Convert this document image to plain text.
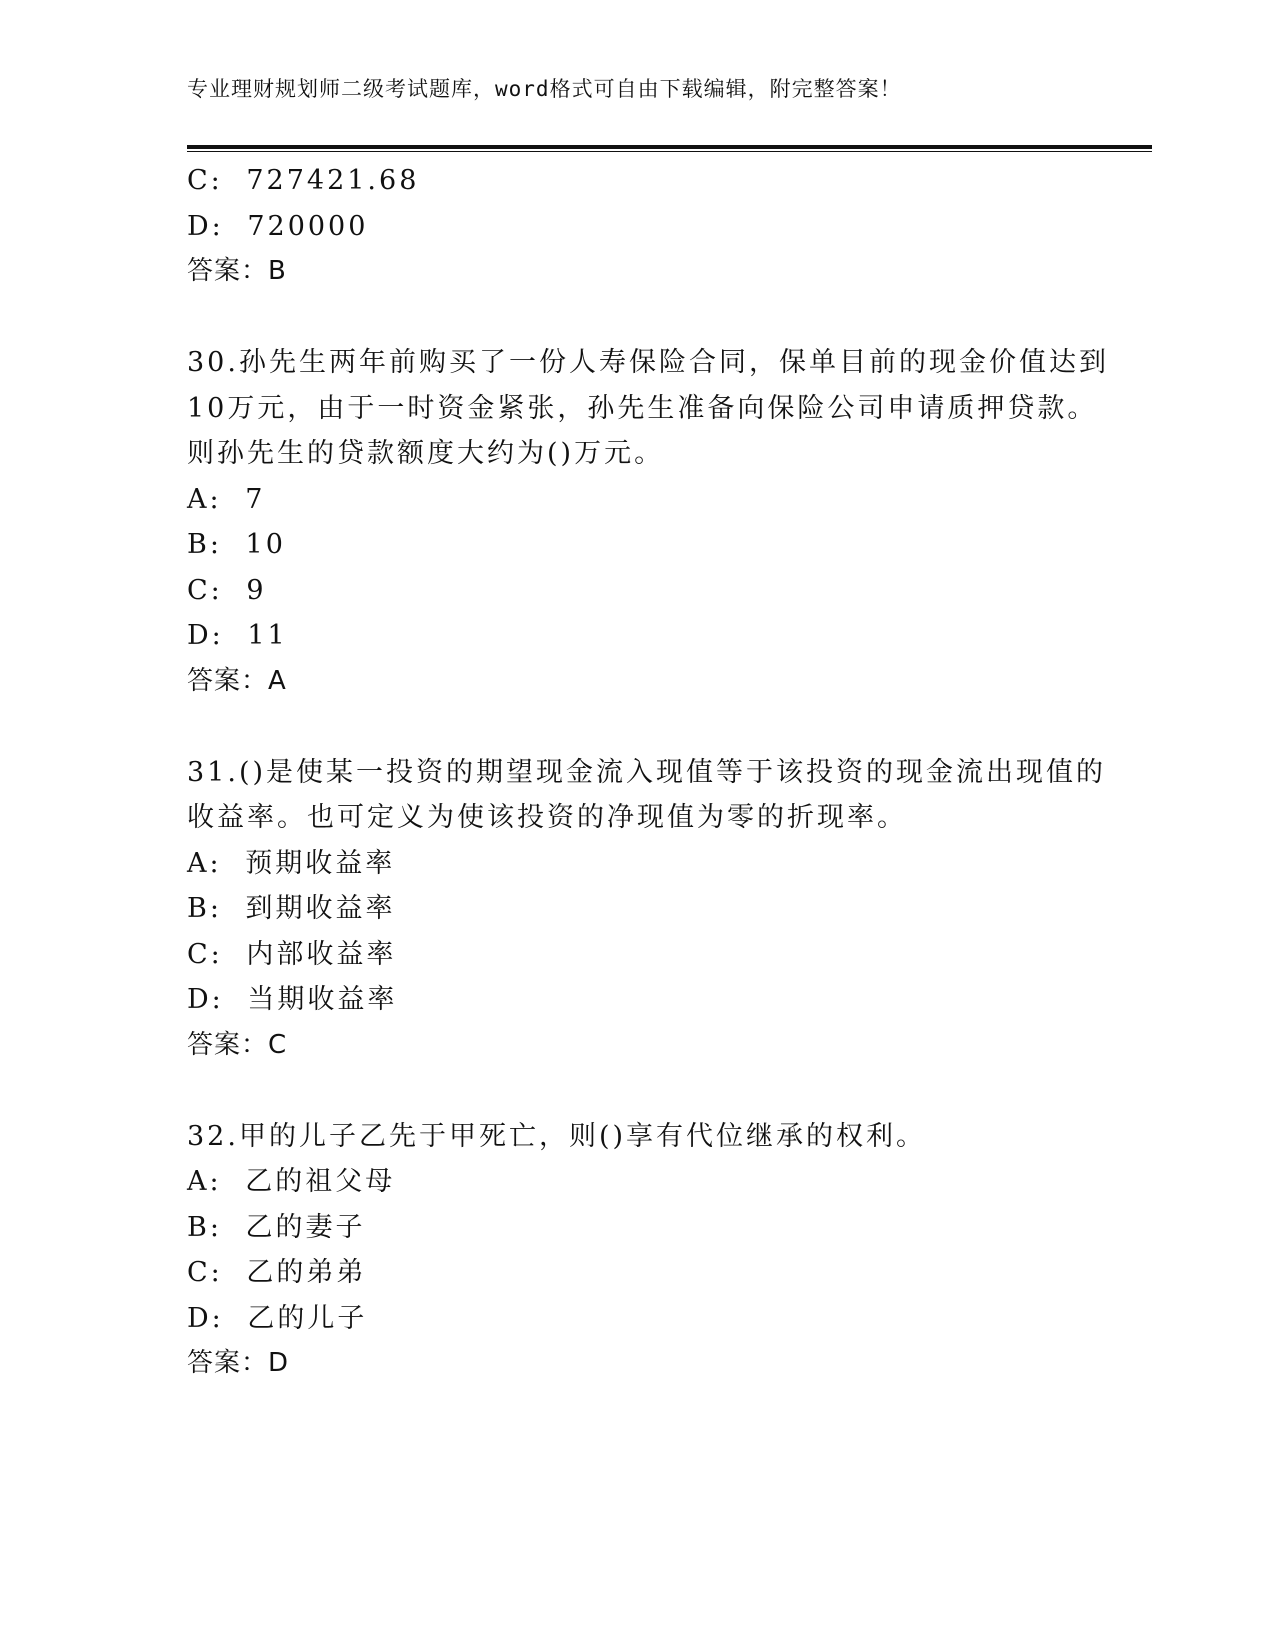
专业理财规划师二级考试题库，word格式可自由下载编辑，附完整答案！
C: 727421.68
D: 720000
答案：B
30.孙先生两年前购买了一份人寿保险合同，保单目前的现金价值达到
10万元，由于一时资金紧张，孙先生准备向保险公司申请质押贷款。
则孙先生的贷款额度大约为()万元。
A: 7
B: 10
C: 9
D: 11
答案：A
31.()是使某一投资的期望现金流入现值等于该投资的现金流出现值的
收益率。也可定义为使该投资的净现值为零的折现率。
A: 预期收益率
B: 到期收益率
C: 内部收益率
D: 当期收益率
答案：C
32.甲的儿子乙先于甲死亡，则()享有代位继承的权利。
A: 乙的祖父母
B: 乙的妻子
C: 乙的弟弟
D: 乙的儿子
答案：D
